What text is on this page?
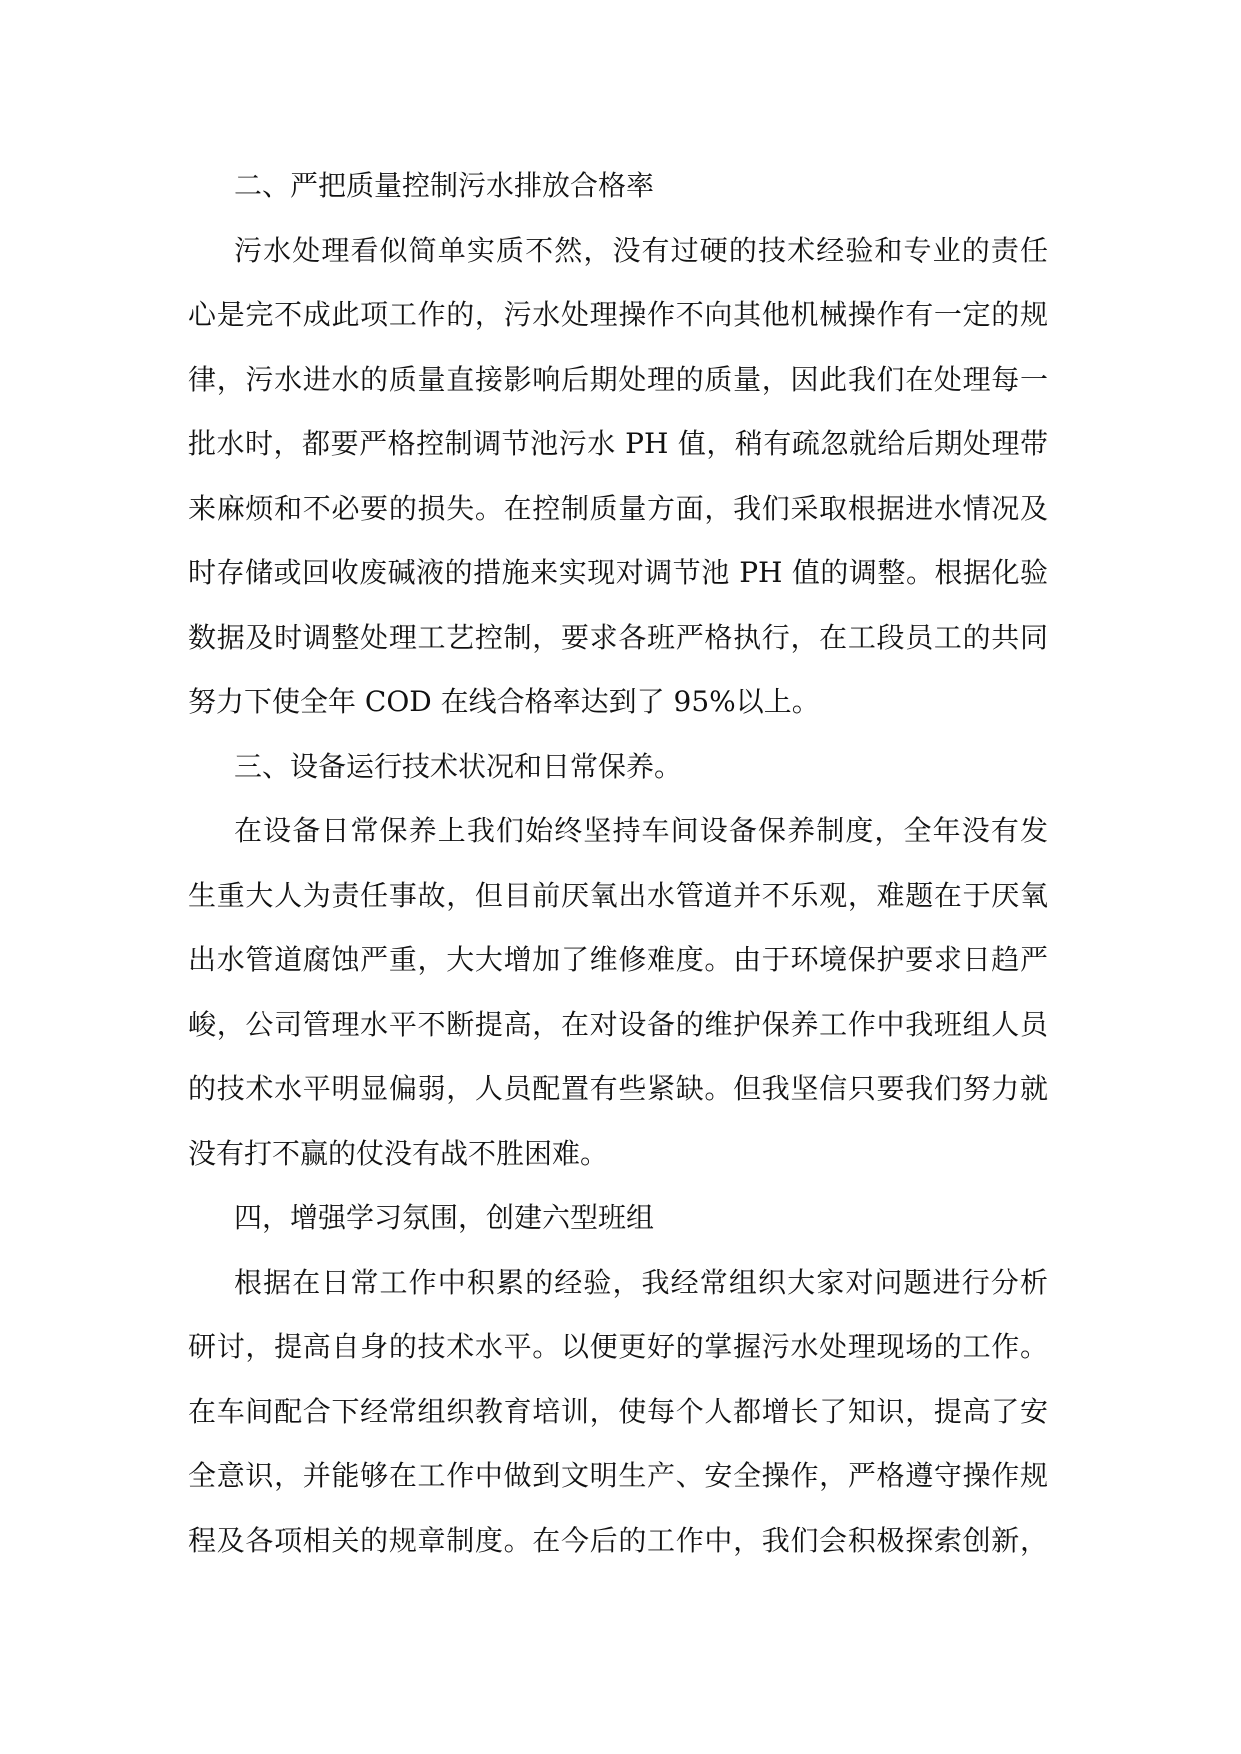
二、严把质量控制污水排放合格率
污水处理看似简单实质不然，没有过硬的技术经验和专业的责任
心是完不成此项工作的，污水处理操作不向其他机械操作有一定的规
律，污水进水的质量直接影响后期处理的质量，因此我们在处理每一
批水时，都要严格控制调节池污水 PH 值，稍有疏忽就给后期处理带
来麻烦和不必要的损失。在控制质量方面，我们采取根据进水情况及
时存储或回收废碱液的措施来实现对调节池 PH 值的调整。根据化验
数据及时调整处理工艺控制，要求各班严格执行，在工段员工的共同
努力下使全年 COD 在线合格率达到了 95%以上。
三、设备运行技术状况和日常保养。
在设备日常保养上我们始终坚持车间设备保养制度，全年没有发
生重大人为责任事故，但目前厌氧出水管道并不乐观，难题在于厌氧
出水管道腐蚀严重，大大增加了维修难度。由于环境保护要求日趋严
峻，公司管理水平不断提高，在对设备的维护保养工作中我班组人员
的技术水平明显偏弱，人员配置有些紧缺。但我坚信只要我们努力就
没有打不赢的仗没有战不胜困难。
四，增强学习氛围，创建六型班组
根据在日常工作中积累的经验，我经常组织大家对问题进行分析
研讨，提高自身的技术水平。以便更好的掌握污水处理现场的工作。
在车间配合下经常组织教育培训，使每个人都增长了知识，提高了安
全意识，并能够在工作中做到文明生产、安全操作，严格遵守操作规
程及各项相关的规章制度。在今后的工作中，我们会积极探索创新，
